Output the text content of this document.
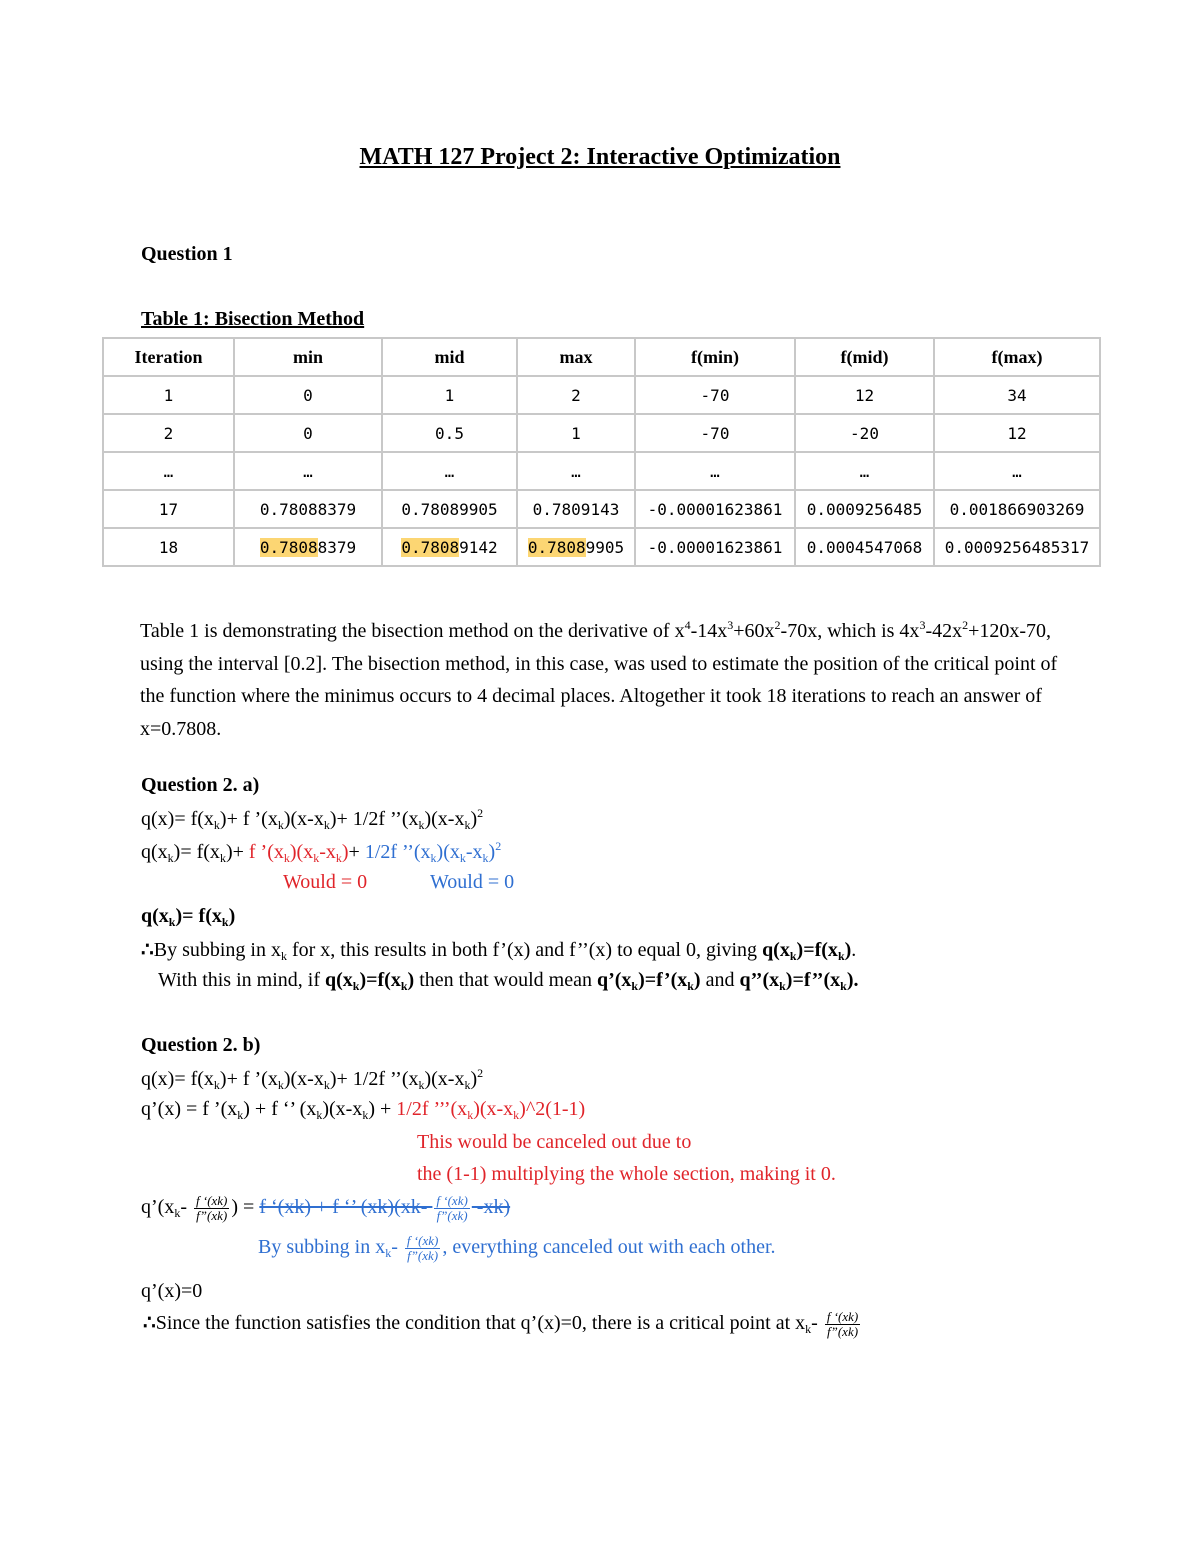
MATH 127 Project 2: Interactive Optimization
Question 1
Table 1: Bisection Method
Iteration	min	mid	max	f(min)	f(mid)	f(max)
1	0	1	2	-70	12	34
2	0	0.5	1	-70	-20	12
…	…	…	…	…	…	…
17	0.78088379	0.78089905	0.7809143	-0.00001623861	0.0009256485	0.001866903269
18	0.78088379	0.78089142	0.78089905	-0.00001623861	0.0004547068	0.0009256485317
Table 1 is demonstrating the bisection method on the derivative of $x^4-14x^3+60x^2-70x$, which is $4x^3-42x^2+120x-70$, using the interval [0.2]. The bisection method, in this case, was used to estimate the position of the critical point of the function where the minimus occurs to 4 decimal places. Altogether it took 18 iterations to reach an answer of x=0.7808.
Question 2. a)
$q(x)= f(x_k)+ f$ $’(x_k)(x-x_k)+ 1/2f$ $’’(x_k)(x-x_k)^2$
$q(x_k)= f(x_k)+ f$ $’(x_k)(x_k-x_k)+ 1/2f$ $’’(x_k)(x_k-x_k)^2$
Would = 0	Would = 0
$q(x_k)= f(x_k)$
∴By subbing in $x_k$ for x, this results in both f’(x) and f’’(x) to equal 0, giving $q(x_k)=f(x_k)$.
With this in mind, if $q(x_k)=f(x_k)$ then that would mean $q’(x_k)=f’(x_k)$ and $q’’(x_k)=f’’(x_k)$.
Question 2. b)
$q(x)= f(x_k)+ f$ $’(x_k)(x-x_k)+ 1/2f$ $’’(x_k)(x-x_k)^2$
q’(x) = f $’(x_k) + f$ ‘’ $(x_k)(x-x_k) + 1/2f$ $’’’(x_k)(x-x_k)\^{}2(1-1)$
This would be canceled out due to
the (1-1) multiplying the whole section, making it 0.
$q’(x_k- \frac{f ‘(xk)}{f”(xk)}$ ) = f ‘(xk) + f ‘’ $(xk)(xk- \frac{f ‘(xk)}{f”(xk)} -xk)$
By subbing in $x_k- \frac{f ‘(xk)}{f”(xk)}$ , everything canceled out with each other.
q’(x)=0
∴Since the function satisfies the condition that q’(x)=0, there is a critical point at $x_k- \frac{f ‘(xk)}{f”(xk)}$
